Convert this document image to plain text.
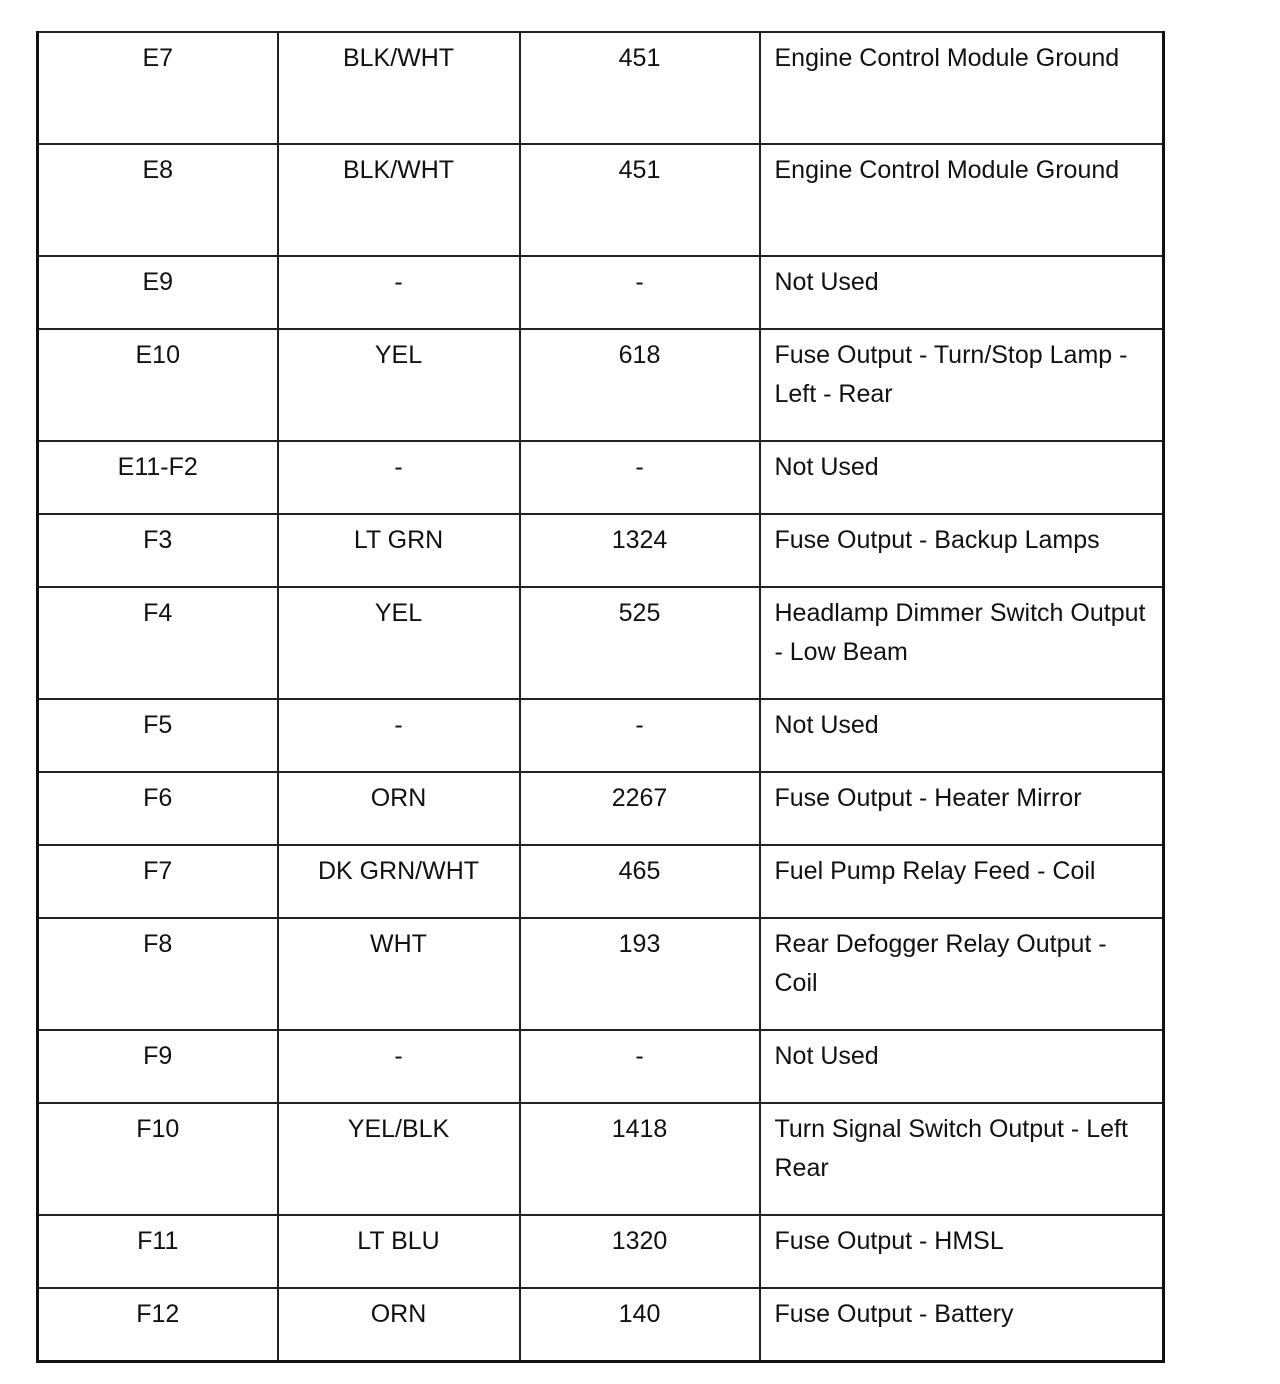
E7	BLK/WHT	451	Engine Control Module Ground
E8	BLK/WHT	451	Engine Control Module Ground
E9	-	-	Not Used
E10	YEL	618	Fuse Output - Turn/Stop Lamp - Left - Rear
E11-F2	-	-	Not Used
F3	LT GRN	1324	Fuse Output - Backup Lamps
F4	YEL	525	Headlamp Dimmer Switch Output - Low Beam
F5	-	-	Not Used
F6	ORN	2267	Fuse Output - Heater Mirror
F7	DK GRN/WHT	465	Fuel Pump Relay Feed - Coil
F8	WHT	193	Rear Defogger Relay Output - Coil
F9	-	-	Not Used
F10	YEL/BLK	1418	Turn Signal Switch Output - Left Rear
F11	LT BLU	1320	Fuse Output - HMSL
F12	ORN	140	Fuse Output - Battery
